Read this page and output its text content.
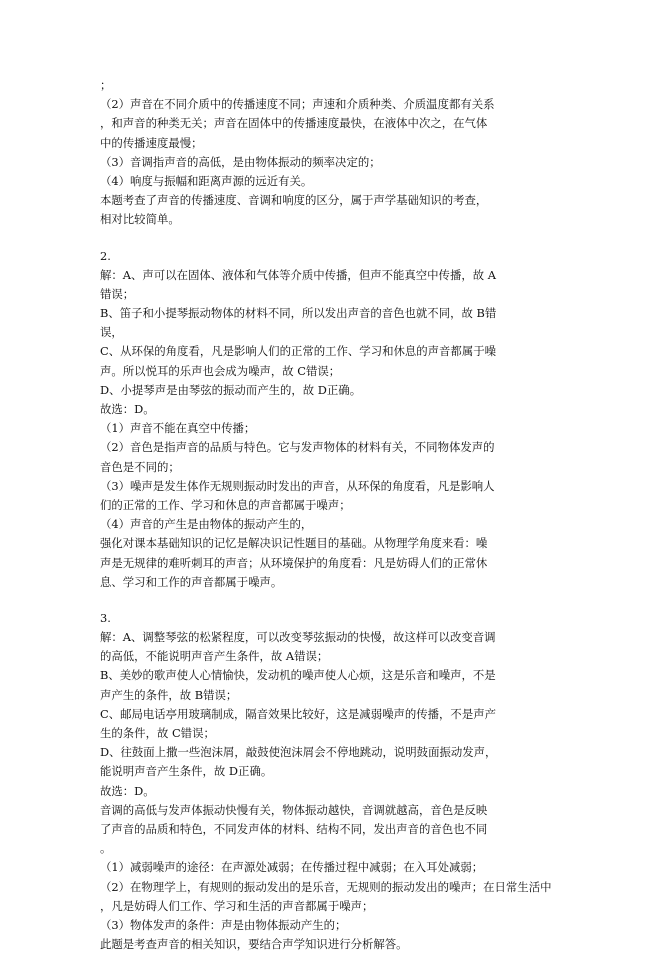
；
（2）声音在不同介质中的传播速度不同；声速和介质种类、介质温度都有关系
，和声音的种类无关；声音在固体中的传播速度最快，在液体中次之，在气体
中的传播速度最慢；
（3）音调指声音的高低，是由物体振动的频率决定的；
（4）响度与振幅和距离声源的远近有关。
本题考查了声音的传播速度、音调和响度的区分，属于声学基础知识的考查，
相对比较简单。
2.
解：A、声可以在固体、液体和气体等介质中传播，但声不能真空中传播，故 A
错误；
B、笛子和小提琴振动物体的材料不同，所以发出声音的音色也就不同，故 B错
误，
C、从环保的角度看，凡是影响人们的正常的工作、学习和休息的声音都属于噪
声。所以悦耳的乐声也会成为噪声，故 C错误；
D、小提琴声是由琴弦的振动而产生的，故 D正确。
故选：D。
（1）声音不能在真空中传播；
（2）音色是指声音的品质与特色。它与发声物体的材料有关，不同物体发声的
音色是不同的；
（3）噪声是发生体作无规则振动时发出的声音，从环保的角度看，凡是影响人
们的正常的工作、学习和休息的声音都属于噪声；
（4）声音的产生是由物体的振动产生的，
强化对课本基础知识的记忆是解决识记性题目的基础。从物理学角度来看：噪
声是无规律的难听刺耳的声音；从环境保护的角度看：凡是妨碍人们的正常休
息、学习和工作的声音都属于噪声。
3.
解：A、调整琴弦的松紧程度，可以改变琴弦振动的快慢，故这样可以改变音调
的高低，不能说明声音产生条件，故 A错误；
B、美妙的歌声使人心情愉快，发动机的噪声使人心烦，这是乐音和噪声，不是
声产生的条件，故 B错误；
C、邮局电话亭用玻璃制成，隔音效果比较好，这是减弱噪声的传播，不是声产
生的条件，故 C错误；
D、往鼓面上撒一些泡沫屑，敲鼓使泡沫屑会不停地跳动，说明鼓面振动发声，
能说明声音产生条件，故 D正确。
故选：D。
音调的高低与发声体振动快慢有关，物体振动越快，音调就越高，音色是反映
了声音的品质和特色，不同发声体的材料、结构不同，发出声音的音色也不同
。
（1）减弱噪声的途径：在声源处减弱；在传播过程中减弱；在入耳处减弱；
（2）在物理学上，有规则的振动发出的是乐音，无规则的振动发出的噪声；在日常生活中
，凡是妨碍人们工作、学习和生活的声音都属于噪声；
（3）物体发声的条件：声是由物体振动产生的；
此题是考查声音的相关知识，要结合声学知识进行分析解答。
